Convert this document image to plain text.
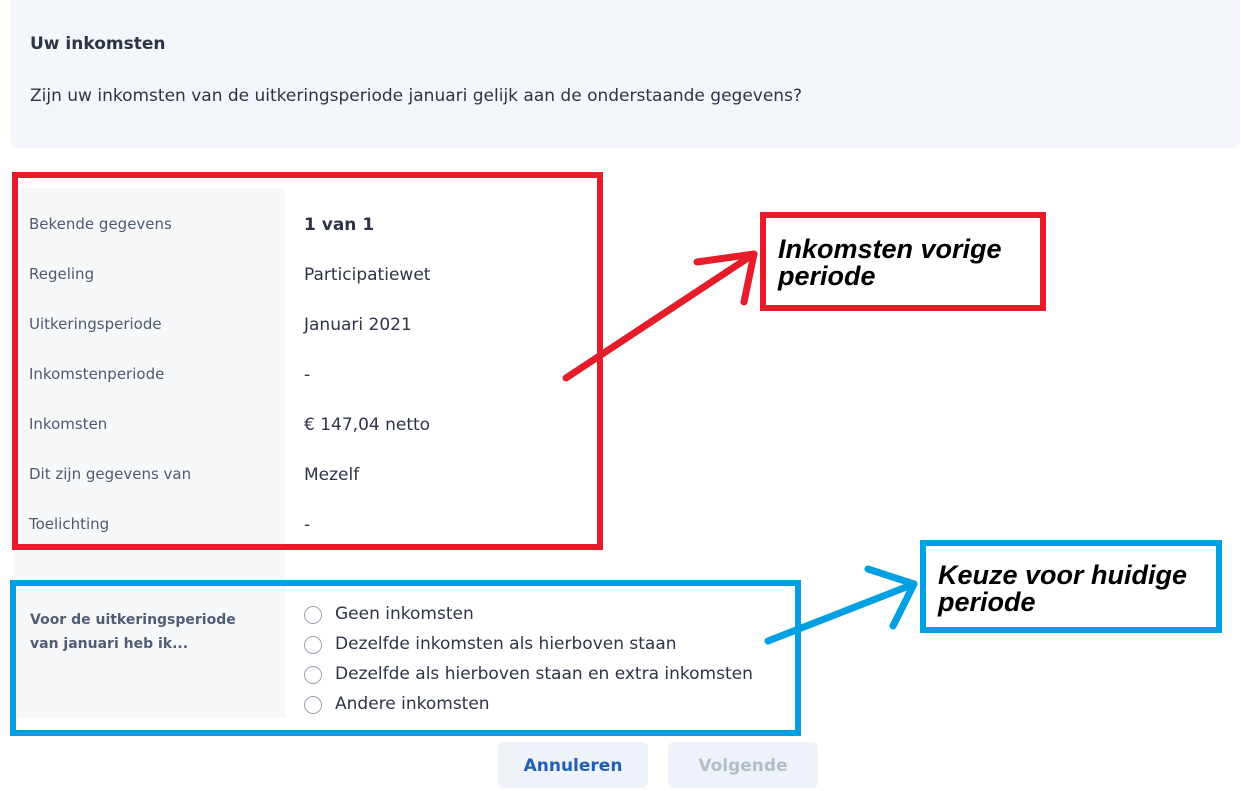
Uw inkomsten
Zijn uw inkomsten van de uitkeringsperiode januari gelijk aan de onderstaande gegevens?
Bekende gegevens	1 van 1
Regeling	Participatiewet
Uitkeringsperiode	Januari 2021
Inkomstenperiode	-
Inkomsten	€ 147,04 netto
Dit zijn gegevens van	Mezelf
Toelichting	-
Voor de uitkeringsperiode
van januari heb ik...
Geen inkomsten
Dezelfde inkomsten als hierboven staan
Dezelfde als hierboven staan en extra inkomsten
Andere inkomsten
Annuleren	Volgende
Inkomsten vorige
periode
Keuze voor huidige
periode
